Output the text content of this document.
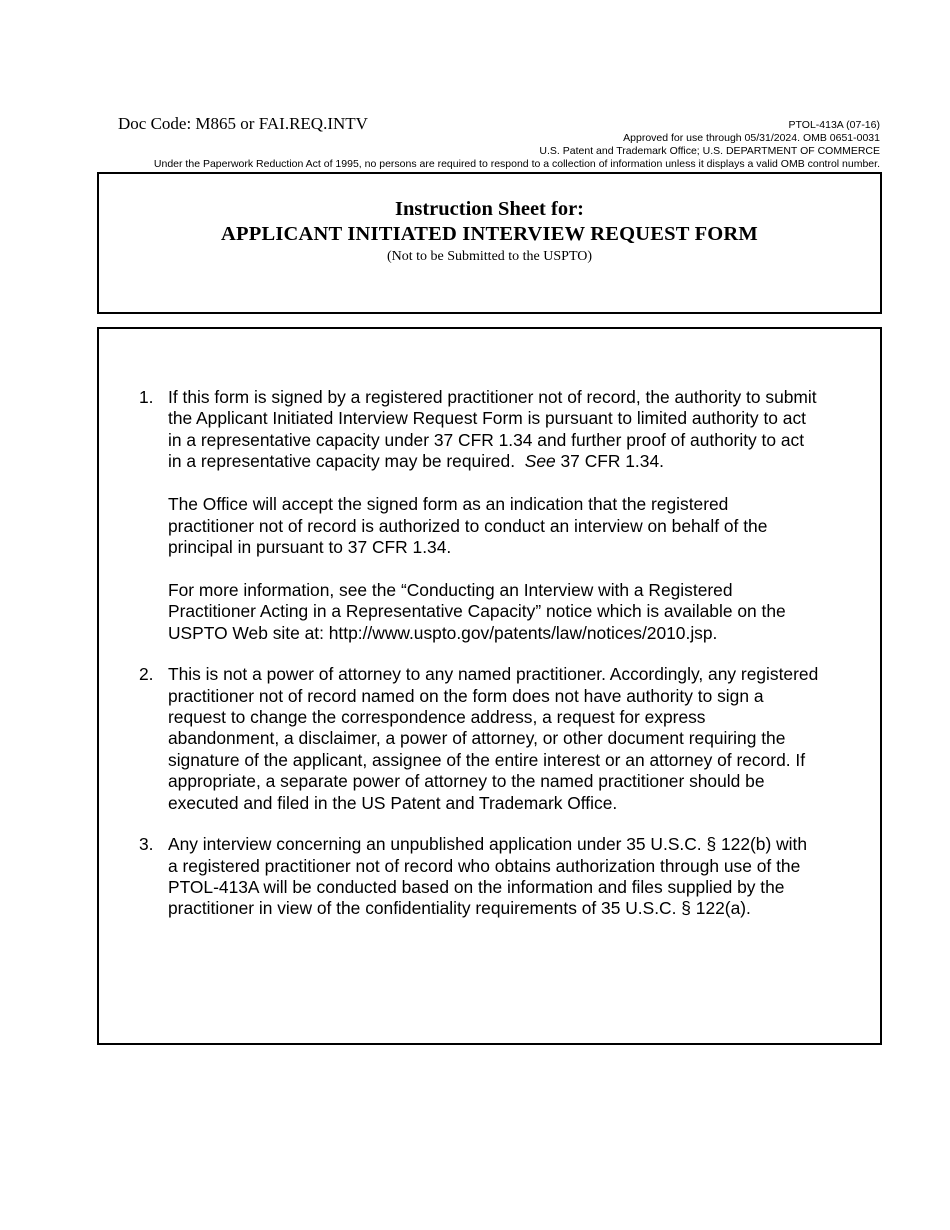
Doc Code: M865 or FAI.REQ.INTV	PTOL-413A (07-16)
Approved for use through 05/31/2024. OMB 0651-0031
U.S. Patent and Trademark Office; U.S. DEPARTMENT OF COMMERCE
Under the Paperwork Reduction Act of 1995, no persons are required to respond to a collection of information unless it displays a valid OMB control number.
Instruction Sheet for:
APPLICANT INITIATED INTERVIEW REQUEST FORM
(Not to be Submitted to the USPTO)
1. If this form is signed by a registered practitioner not of record, the authority to submit the Applicant Initiated Interview Request Form is pursuant to limited authority to act in a representative capacity under 37 CFR 1.34 and further proof of authority to act in a representative capacity may be required. See 37 CFR 1.34.

The Office will accept the signed form as an indication that the registered practitioner not of record is authorized to conduct an interview on behalf of the principal in pursuant to 37 CFR 1.34.

For more information, see the “Conducting an Interview with a Registered Practitioner Acting in a Representative Capacity” notice which is available on the USPTO Web site at: http://www.uspto.gov/patents/law/notices/2010.jsp.

2. This is not a power of attorney to any named practitioner. Accordingly, any registered practitioner not of record named on the form does not have authority to sign a request to change the correspondence address, a request for express abandonment, a disclaimer, a power of attorney, or other document requiring the signature of the applicant, assignee of the entire interest or an attorney of record. If appropriate, a separate power of attorney to the named practitioner should be executed and filed in the US Patent and Trademark Office.

3. Any interview concerning an unpublished application under 35 U.S.C. § 122(b) with a registered practitioner not of record who obtains authorization through use of the PTOL-413A will be conducted based on the information and files supplied by the practitioner in view of the confidentiality requirements of 35 U.S.C. § 122(a).
